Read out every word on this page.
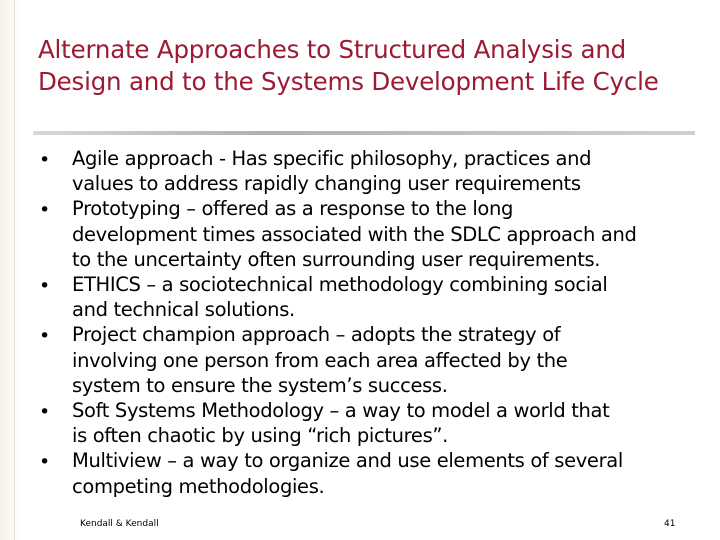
Alternate Approaches to Structured Analysis and
Design and to the Systems Development Life Cycle
• Agile approach - Has specific philosophy, practices and
values to address rapidly changing user requirements
• Prototyping – offered as a response to the long
development times associated with the SDLC approach and
to the uncertainty often surrounding user requirements.
• ETHICS – a sociotechnical methodology combining social
and technical solutions.
• Project champion approach – adopts the strategy of
involving one person from each area affected by the
system to ensure the system’s success.
• Soft Systems Methodology – a way to model a world that
is often chaotic by using “rich pictures”.
• Multiview – a way to organize and use elements of several
competing methodologies.
Kendall & Kendall	41
